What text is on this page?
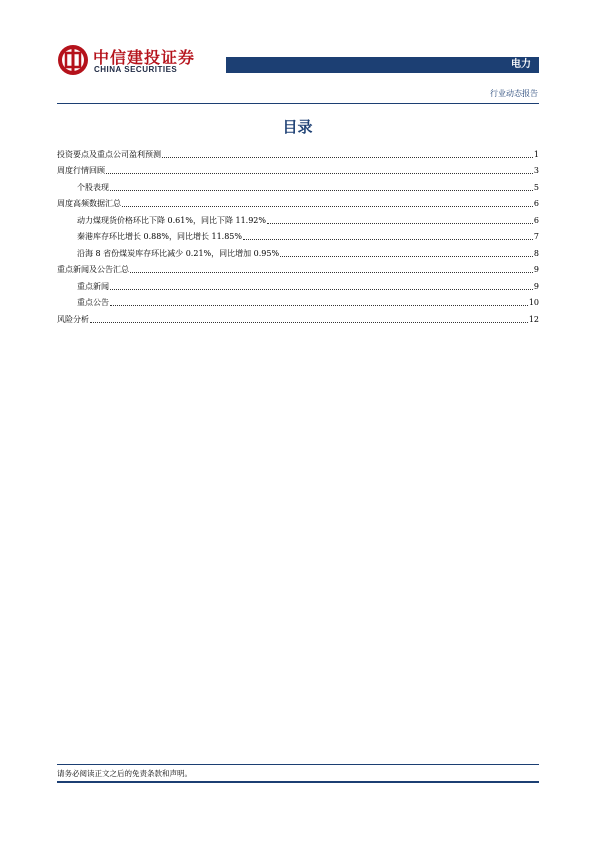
中信建投证券
CHINA SECURITIES	电力
行业动态报告
目录
投资要点及重点公司盈利预测	1
周度行情回顾	3
个股表现	5
周度高频数据汇总	6
动力煤现货价格环比下降 0.61%，同比下降 11.92%	6
秦港库存环比增长 0.88%，同比增长 11.85%	7
沿海 8 省份煤炭库存环比减少 0.21%，同比增加 0.95%	8
重点新闻及公告汇总	9
重点新闻	9
重点公告	10
风险分析	12
请务必阅读正文之后的免责条款和声明。
